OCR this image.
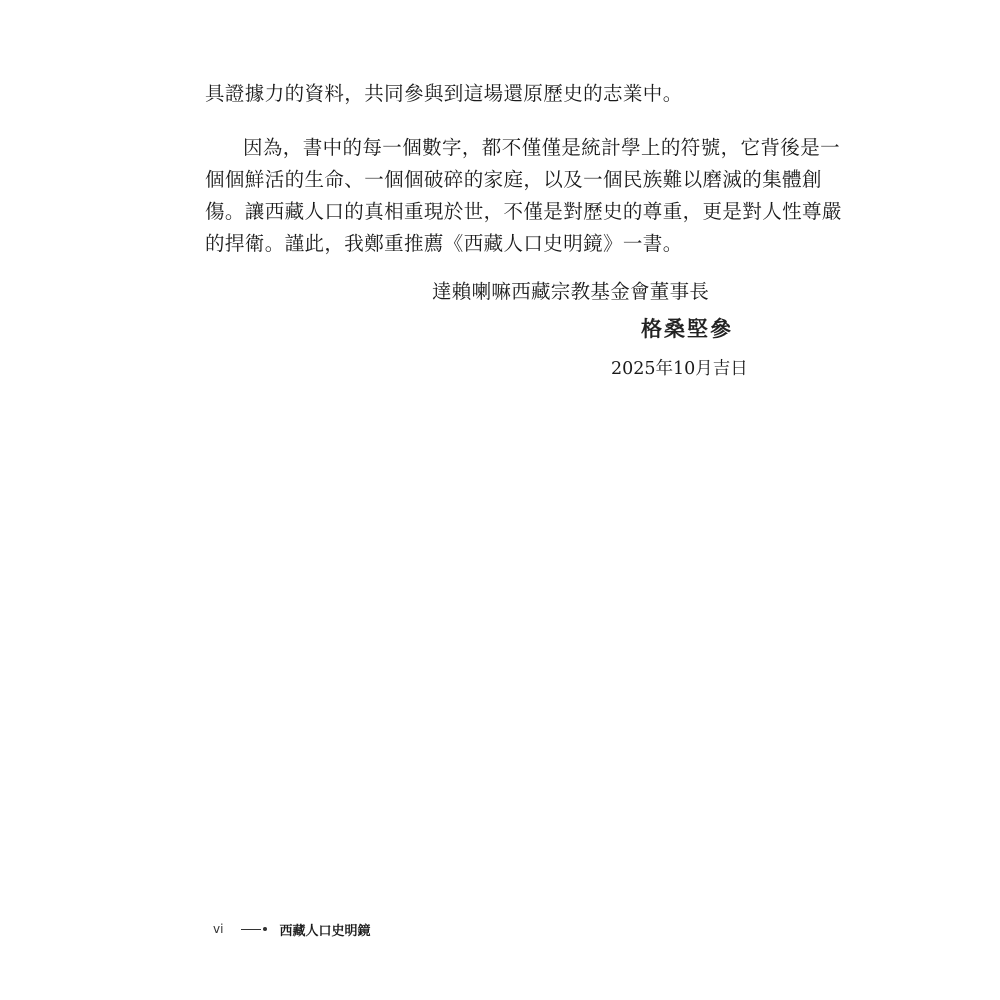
具證據力的資料，共同參與到這場還原歷史的志業中。
因為，書中的每一個數字，都不僅僅是統計學上的符號，它背後是一
個個鮮活的生命、一個個破碎的家庭，以及一個民族難以磨滅的集體創
傷。讓西藏人口的真相重現於世，不僅是對歷史的尊重，更是對人性尊嚴
的捍衛。謹此，我鄭重推薦《西藏人口史明鏡》一書。
達賴喇嘛西藏宗教基金會董事長
格桑堅參
2025年10月吉日
vi	西藏人口史明鏡
